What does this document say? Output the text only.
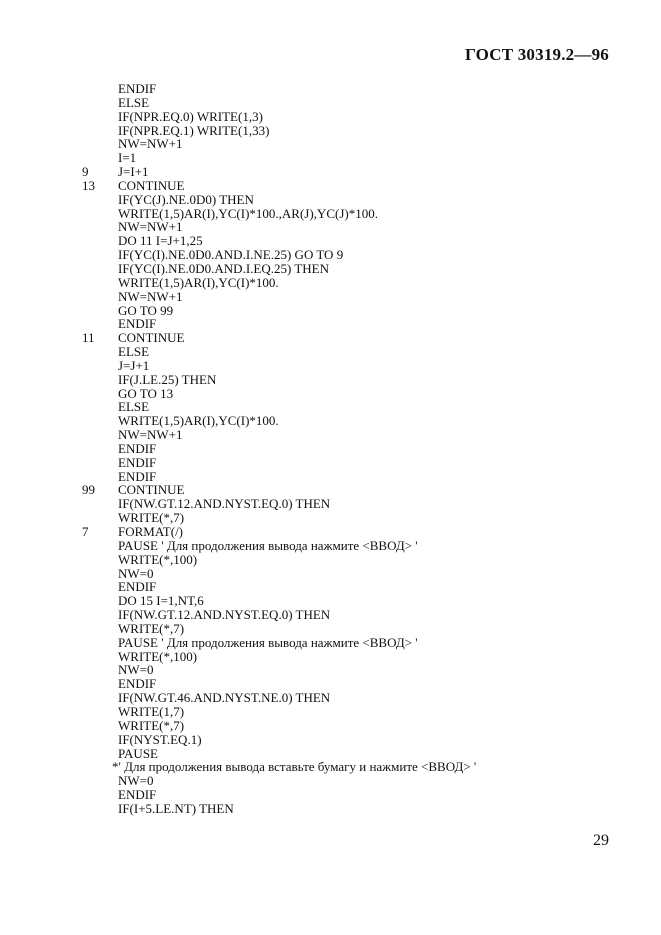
ГОСТ 30319.2—96
ENDIF
ELSE
IF(NPR.EQ.0) WRITE(1,3)
IF(NPR.EQ.1) WRITE(1,33)
NW=NW+1
I=1
9	J=I+1
13	CONTINUE
IF(YC(J).NE.0D0) THEN
WRITE(1,5)AR(I),YC(I)*100.,AR(J),YC(J)*100.
NW=NW+1
DO 11 I=J+1,25
IF(YC(I).NE.0D0.AND.I.NE.25) GO TO 9
IF(YC(I).NE.0D0.AND.I.EQ.25) THEN
WRITE(1,5)AR(I),YC(I)*100.
NW=NW+1
GO TO 99
ENDIF
11	CONTINUE
ELSE
J=J+1
IF(J.LE.25) THEN
GO TO 13
ELSE
WRITE(1,5)AR(I),YC(I)*100.
NW=NW+1
ENDIF
ENDIF
ENDIF
99	CONTINUE
IF(NW.GT.12.AND.NYST.EQ.0) THEN
WRITE(*,7)
7	FORMAT(/)
PAUSE ' Для продолжения вывода нажмите <ВВОД> '
WRITE(*,100)
NW=0
ENDIF
DO 15 I=1,NT,6
IF(NW.GT.12.AND.NYST.EQ.0) THEN
WRITE(*,7)
PAUSE ' Для продолжения вывода нажмите <ВВОД> '
WRITE(*,100)
NW=0
ENDIF
IF(NW.GT.46.AND.NYST.NE.0) THEN
WRITE(1,7)
WRITE(*,7)
IF(NYST.EQ.1)
PAUSE
*' Для продолжения вывода вставьте бумагу и нажмите <ВВОД> '
NW=0
ENDIF
IF(I+5.LE.NT) THEN
29
